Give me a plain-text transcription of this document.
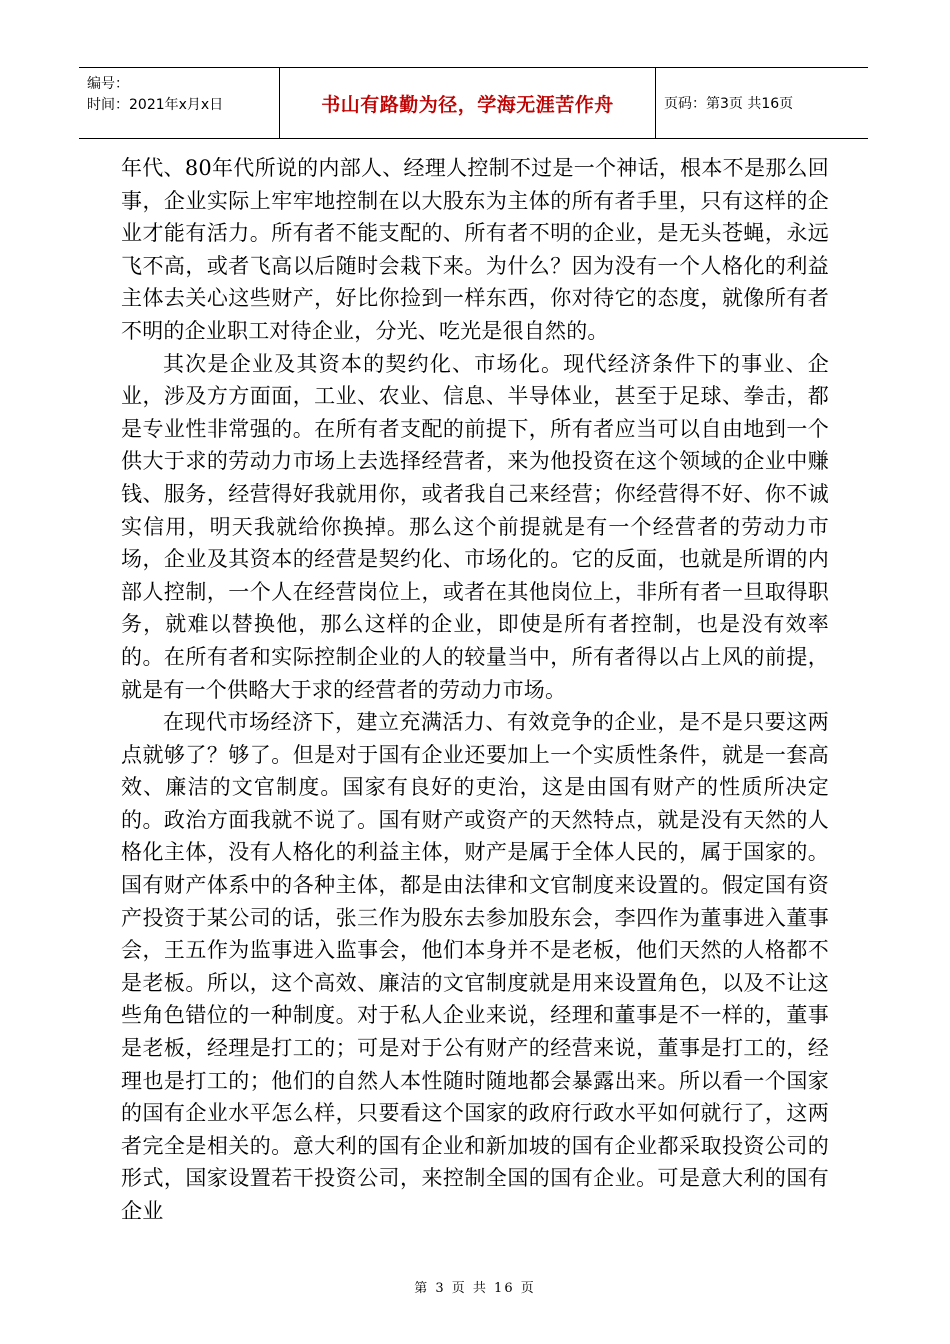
编号：
时间：2021年x月x日	书山有路勤为径，学海无涯苦作舟	页码：第3页 共16页

年代、80年代所说的内部人、经理人控制不过是一个神话，根本不是那么回事，企业实际上牢牢地控制在以大股东为主体的所有者手里，只有这样的企业才能有活力。所有者不能支配的、所有者不明的企业，是无头苍蝇，永远飞不高，或者飞高以后随时会栽下来。为什么？因为没有一个人格化的利益主体去关心这些财产，好比你捡到一样东西，你对待它的态度，就像所有者不明的企业职工对待企业，分光、吃光是很自然的。

其次是企业及其资本的契约化、市场化。现代经济条件下的事业、企业，涉及方方面面，工业、农业、信息、半导体业，甚至于足球、拳击，都是专业性非常强的。在所有者支配的前提下，所有者应当可以自由地到一个供大于求的劳动力市场上去选择经营者，来为他投资在这个领域的企业中赚钱、服务，经营得好我就用你，或者我自己来经营；你经营得不好、你不诚实信用，明天我就给你换掉。那么这个前提就是有一个经营者的劳动力市场，企业及其资本的经营是契约化、市场化的。它的反面，也就是所谓的内部人控制，一个人在经营岗位上，或者在其他岗位上，非所有者一旦取得职务，就难以替换他，那么这样的企业，即使是所有者控制，也是没有效率的。在所有者和实际控制企业的人的较量当中，所有者得以占上风的前提，就是有一个供略大于求的经营者的劳动力市场。

在现代市场经济下，建立充满活力、有效竞争的企业，是不是只要这两点就够了？够了。但是对于国有企业还要加上一个实质性条件，就是一套高效、廉洁的文官制度。国家有良好的吏治，这是由国有财产的性质所决定的。政治方面我就不说了。国有财产或资产的天然特点，就是没有天然的人格化主体，没有人格化的利益主体，财产是属于全体人民的，属于国家的。国有财产体系中的各种主体，都是由法律和文官制度来设置的。假定国有资产投资于某公司的话，张三作为股东去参加股东会，李四作为董事进入董事会，王五作为监事进入监事会，他们本身并不是老板，他们天然的人格都不是老板。所以，这个高效、廉洁的文官制度就是用来设置角色，以及不让这些角色错位的一种制度。对于私人企业来说，经理和董事是不一样的，董事是老板，经理是打工的；可是对于公有财产的经营来说，董事是打工的，经理也是打工的；他们的自然人本性随时随地都会暴露出来。所以看一个国家的国有企业水平怎么样，只要看这个国家的政府行政水平如何就行了，这两者完全是相关的。意大利的国有企业和新加坡的国有企业都采取投资公司的形式，国家设置若干投资公司，来控制全国的国有企业。可是意大利的国有企业

第 3 页 共 16 页
